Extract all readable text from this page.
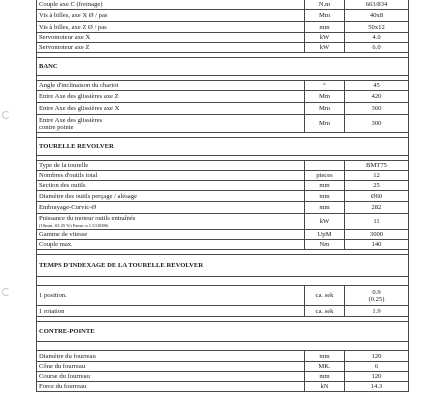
Couple axe C (freinage)	N.m	663/834
Vis à billes, axe X Ø / pas	Mm	40x8
Vis à billes, axe Z Ø / pas	mm	50x12
Servomoteur axe X	kW	4.0
Servomoteur axe Z	kW	6.0

BANC		

Angle d'inclinaison du chariot	°	45
Entre Axe des glissières axe Z	Mm	420
Entre Axe des glissières axe X	Mm	360
Entre Axe des glissières
contre pointe	Mm	300

TOURELLE REVOLVER		

Type de la tourelle		BMT75
Nombres d'outils total	pieces	12
Section des outils	mm	25
Diamètre des outils perçage / alésage	mm	Ø60
Embrayage-Curvic-Ø	mm	282
Puissance du moteur outils entraînés
(10min.,S3 25 %) Fanuc α 1.5/10000i	kW	11
Gamme de vitesse	UpM	3000
Couple max.	Nm	140

TEMPS D'INDEXAGE DE LA TOURELLE REVOLVER		

1 position.	ca. sek	0.9
(0.25)
1 rotation	ca. sek	1.9

CONTRE-POINTE		

Diamètre du fourreau	mm	120
Cône du fourreau	MK.	6
Course du fourreau	mm	120
Force du fourreau	kN	14.3
